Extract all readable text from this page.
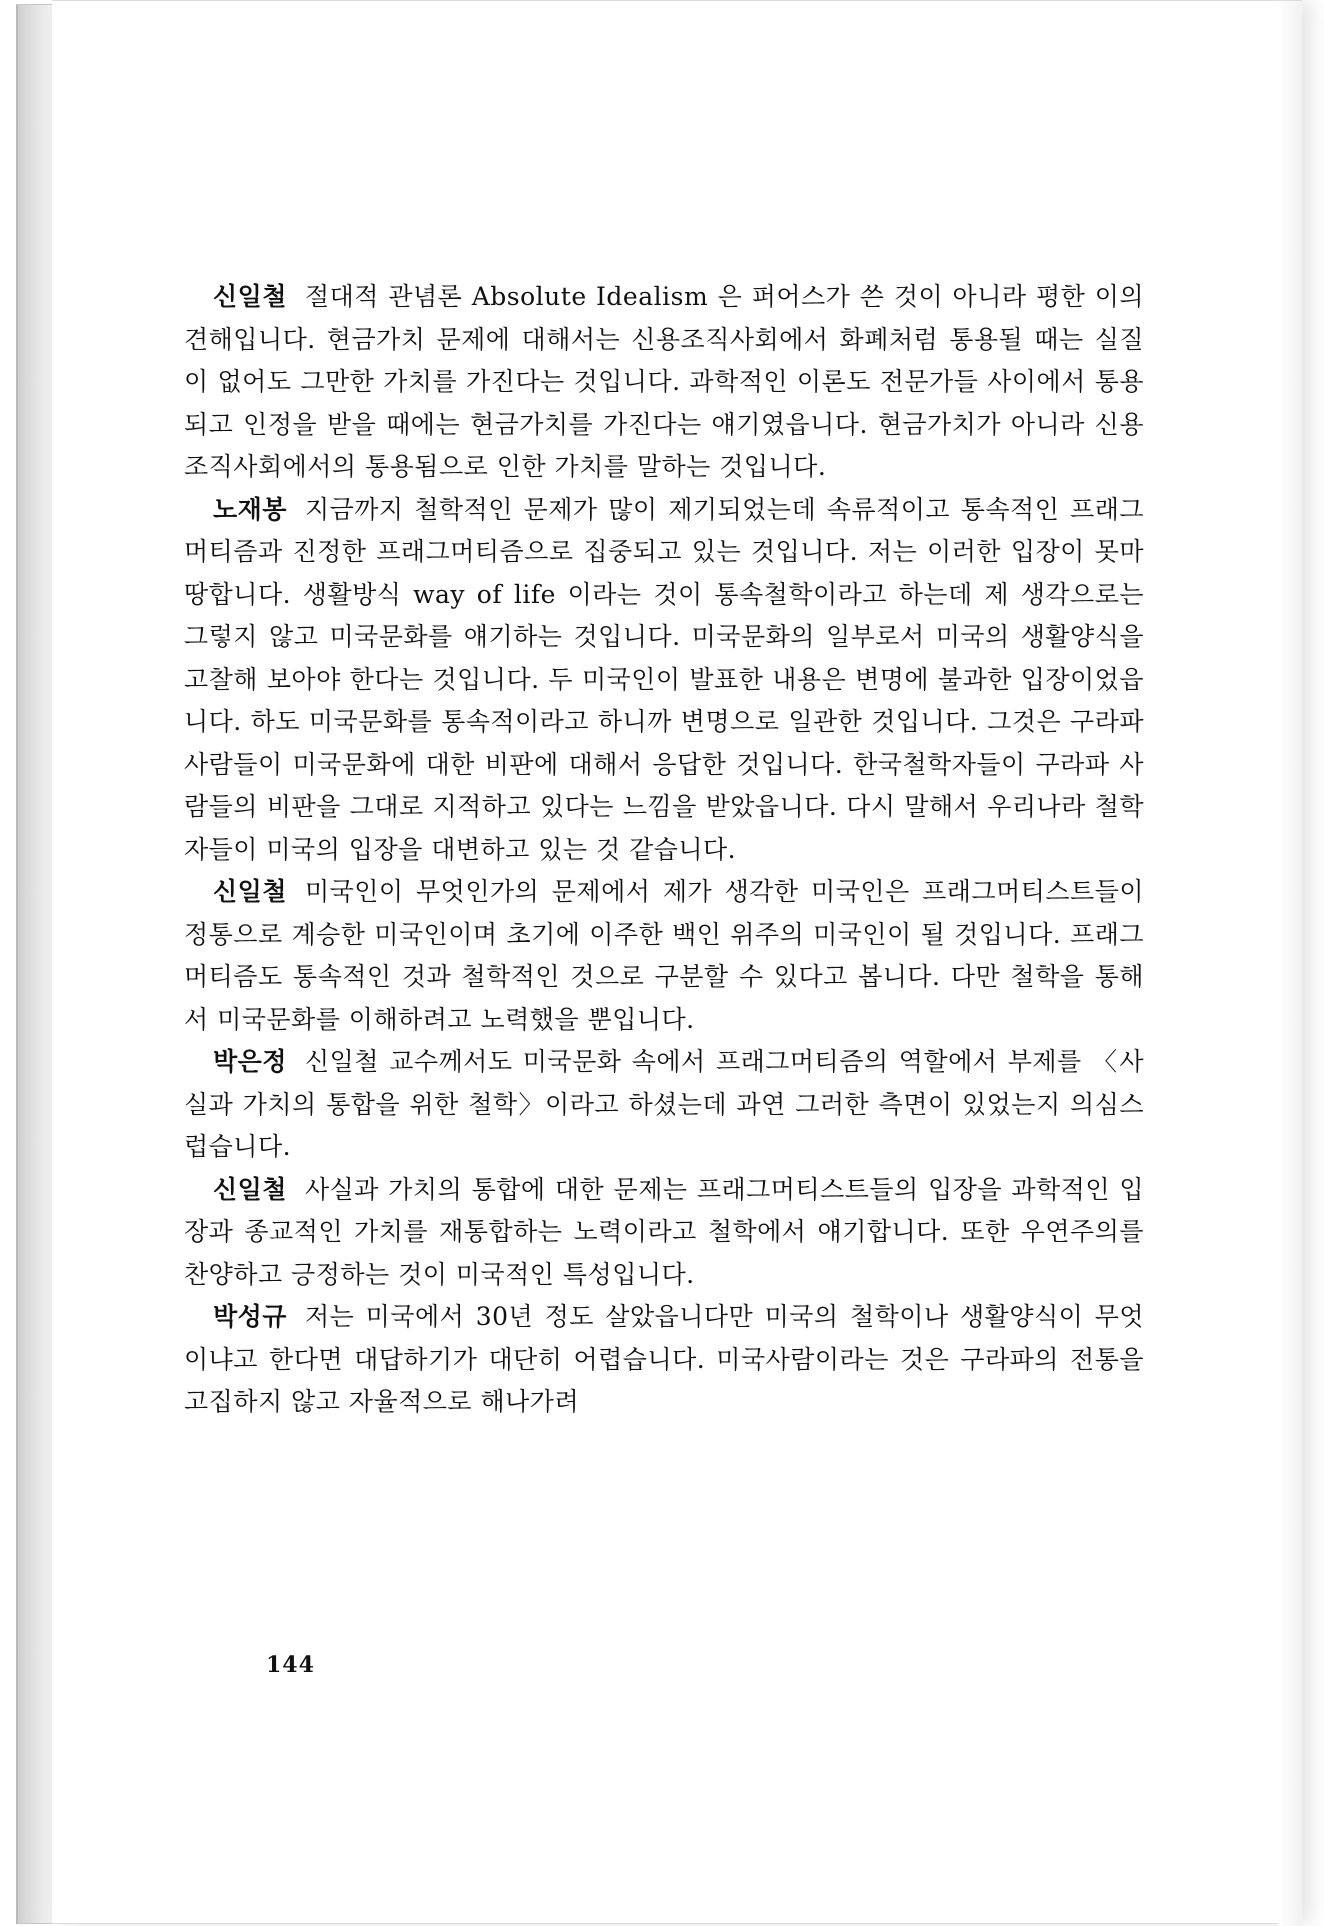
신일철 절대적 관념론 Absolute Idealism 은 퍼어스가 쓴 것이 아니라 평한 이의 견해입니다. 현금가치 문제에 대해서는 신용조직사회에서 화폐처럼 통용될 때는 실질이 없어도 그만한 가치를 가진다는 것입니다. 과학적인 이론도 전문가들 사이에서 통용되고 인정을 받을 때에는 현금가치를 가진다는 얘기였읍니다. 현금가치가 아니라 신용조직사회에서의 통용됨으로 인한 가치를 말하는 것입니다.

노재봉 지금까지 철학적인 문제가 많이 제기되었는데 속류적이고 통속적인 프래그머티즘과 진정한 프래그머티즘으로 집중되고 있는 것입니다. 저는 이러한 입장이 못마땅합니다. 생활방식 way of life 이라는 것이 통속철학이라고 하는데 제 생각으로는 그렇지 않고 미국문화를 얘기하는 것입니다. 미국문화의 일부로서 미국의 생활양식을 고찰해 보아야 한다는 것입니다. 두 미국인이 발표한 내용은 변명에 불과한 입장이었읍니다. 하도 미국문화를 통속적이라고 하니까 변명으로 일관한 것입니다. 그것은 구라파 사람들이 미국문화에 대한 비판에 대해서 응답한 것입니다. 한국철학자들이 구라파 사람들의 비판을 그대로 지적하고 있다는 느낌을 받았읍니다. 다시 말해서 우리나라 철학자들이 미국의 입장을 대변하고 있는 것 같습니다.

신일철 미국인이 무엇인가의 문제에서 제가 생각한 미국인은 프래그머티스트들이 정통으로 계승한 미국인이며 초기에 이주한 백인 위주의 미국인이 될 것입니다. 프래그머티즘도 통속적인 것과 철학적인 것으로 구분할 수 있다고 봅니다. 다만 철학을 통해서 미국문화를 이해하려고 노력했을 뿐입니다.

박은정 신일철 교수께서도 미국문화 속에서 프래그머티즘의 역할에서 부제를 〈사실과 가치의 통합을 위한 철학〉이라고 하셨는데 과연 그러한 측면이 있었는지 의심스럽습니다.

신일철 사실과 가치의 통합에 대한 문제는 프래그머티스트들의 입장을 과학적인 입장과 종교적인 가치를 재통합하는 노력이라고 철학에서 얘기합니다. 또한 우연주의를 찬양하고 긍정하는 것이 미국적인 특성입니다.

박성규 저는 미국에서 30년 정도 살았읍니다만 미국의 철학이나 생활양식이 무엇이냐고 한다면 대답하기가 대단히 어렵습니다. 미국사람이라는 것은 구라파의 전통을 고집하지 않고 자율적으로 해나가려

144
